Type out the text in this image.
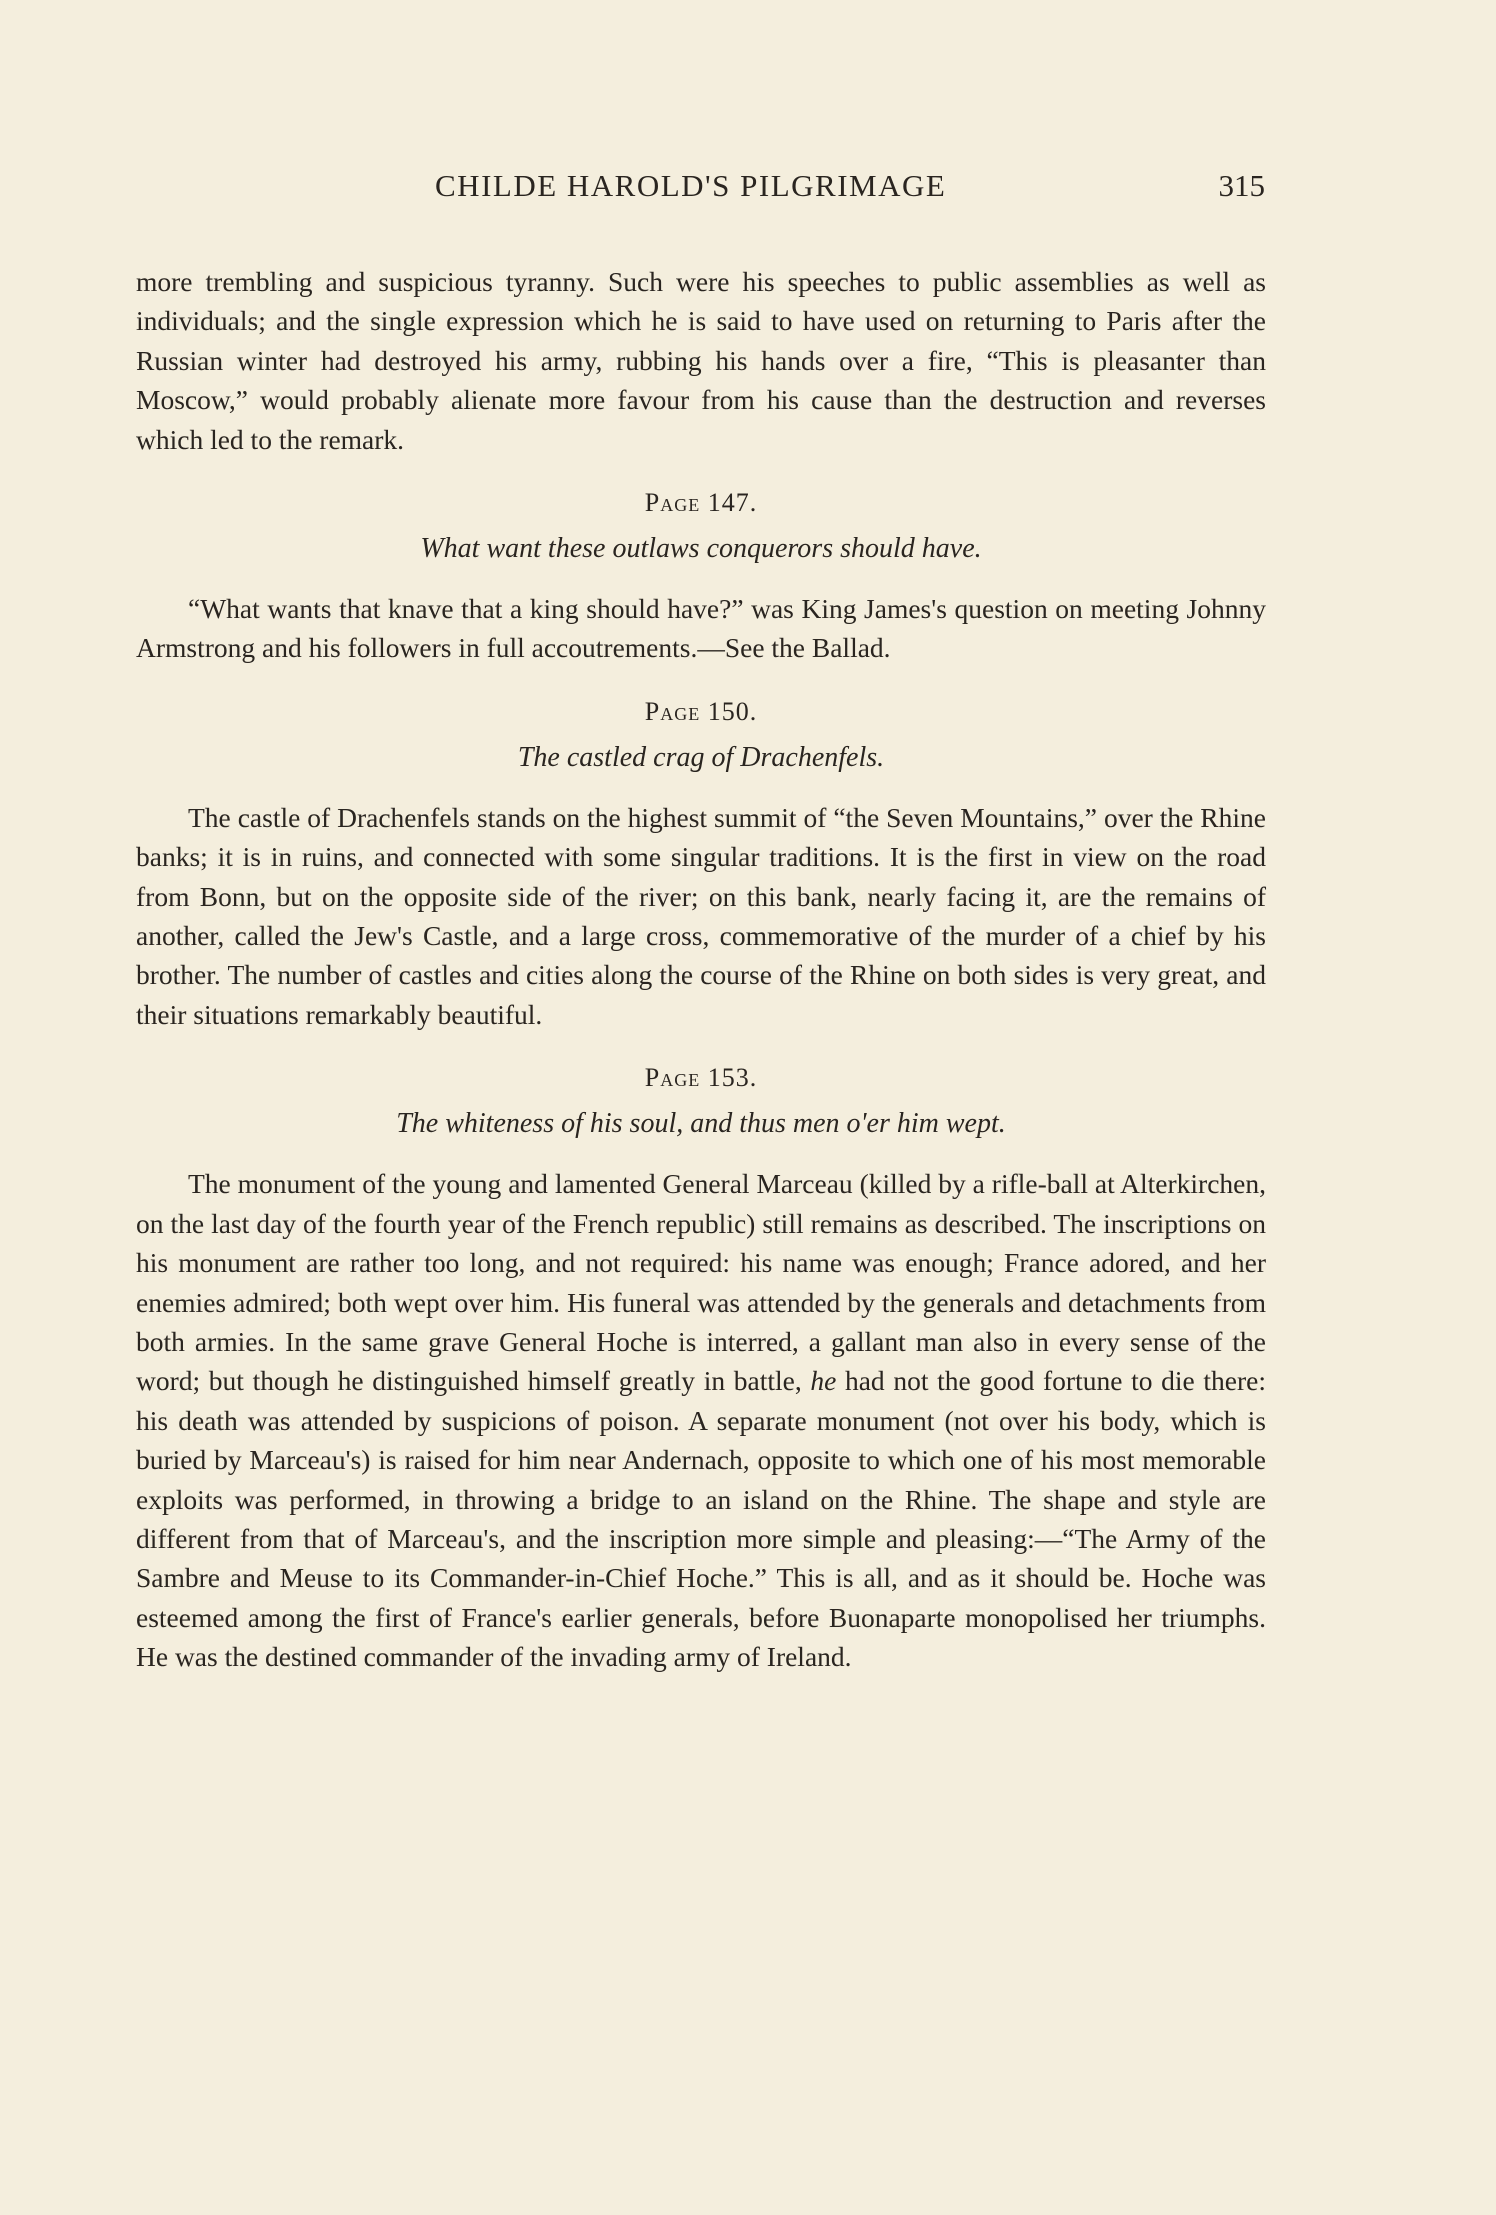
CHILDE HAROLD'S PILGRIMAGE	315

more trembling and suspicious tyranny. Such were his speeches to public assemblies as well as individuals; and the single expression which he is said to have used on returning to Paris after the Russian winter had destroyed his army, rubbing his hands over a fire, “This is pleasanter than Moscow,” would probably alienate more favour from his cause than the destruction and reverses which led to the remark.

Page 147.
What want these outlaws conquerors should have.

“What wants that knave that a king should have?” was King James's question on meeting Johnny Armstrong and his followers in full accoutrements.—See the Ballad.

Page 150.
The castled crag of Drachenfels.

The castle of Drachenfels stands on the highest summit of “the Seven Mountains,” over the Rhine banks; it is in ruins, and connected with some singular traditions. It is the first in view on the road from Bonn, but on the opposite side of the river; on this bank, nearly facing it, are the remains of another, called the Jew's Castle, and a large cross, commemorative of the murder of a chief by his brother. The number of castles and cities along the course of the Rhine on both sides is very great, and their situations remarkably beautiful.

Page 153.
The whiteness of his soul, and thus men o'er him wept.

The monument of the young and lamented General Marceau (killed by a rifle-ball at Alterkirchen, on the last day of the fourth year of the French republic) still remains as described. The inscriptions on his monument are rather too long, and not required: his name was enough; France adored, and her enemies admired; both wept over him. His funeral was attended by the generals and detachments from both armies. In the same grave General Hoche is interred, a gallant man also in every sense of the word; but though he distinguished himself greatly in battle, he had not the good fortune to die there: his death was attended by suspicions of poison. A separate monument (not over his body, which is buried by Marceau's) is raised for him near Andernach, opposite to which one of his most memorable exploits was performed, in throwing a bridge to an island on the Rhine. The shape and style are different from that of Marceau's, and the inscription more simple and pleasing:—“The Army of the Sambre and Meuse to its Commander-in-Chief Hoche.” This is all, and as it should be. Hoche was esteemed among the first of France's earlier generals, before Buonaparte monopolised her triumphs. He was the destined commander of the invading army of Ireland.
